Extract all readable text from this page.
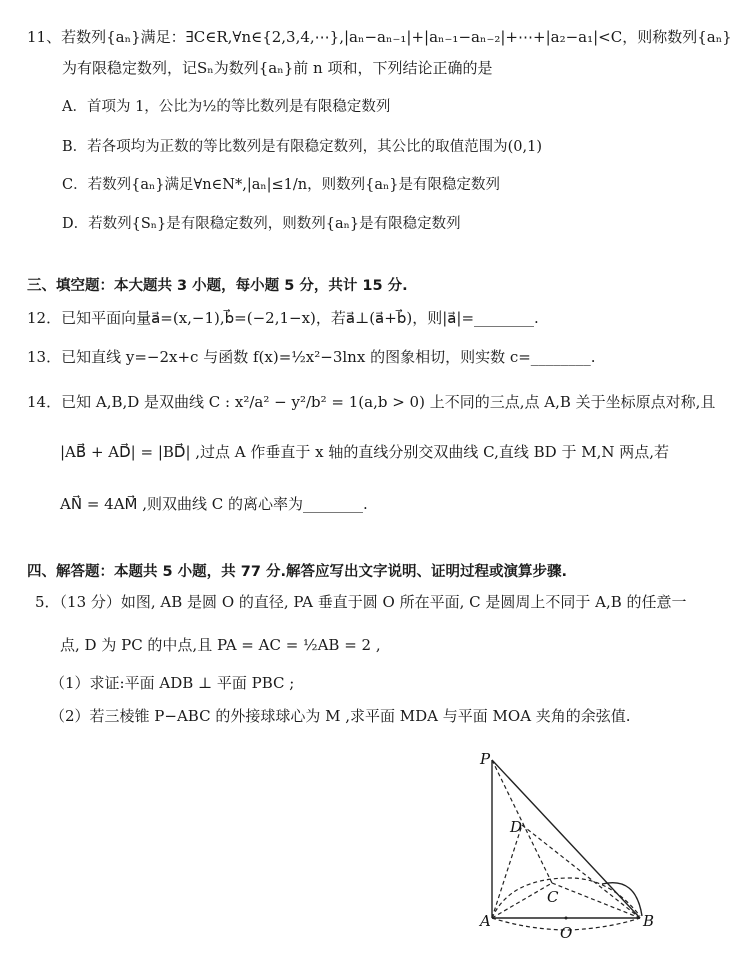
11、若数列{aₙ}满足：∃C∈R,∀n∈{2,3,4,⋯},|aₙ−aₙ₋₁|+|aₙ₋₁−aₙ₋₂|+⋯+|a₂−a₁|<C，则称数列{aₙ}
为有限稳定数列，记Sₙ为数列{aₙ}前 n 项和，下列结论正确的是
A．首项为 1，公比为½的等比数列是有限稳定数列
B．若各项均为正数的等比数列是有限稳定数列，其公比的取值范围为(0,1)
C．若数列{aₙ}满足∀n∈N*,|aₙ|≤1/n，则数列{aₙ}是有限稳定数列
D．若数列{Sₙ}是有限稳定数列，则数列{aₙ}是有限稳定数列
三、填空题：本大题共 3 小题，每小题 5 分，共计 15 分.
12．已知平面向量a⃗=(x,−1),b⃗=(−2,1−x)，若a⃗⊥(a⃗+b⃗)，则|a⃗|=________.
13．已知直线 y=−2x+c 与函数 f(x)=½x²−3lnx 的图象相切，则实数 c=________.
14．已知 A,B,D 是双曲线 C : x²/a² − y²/b² = 1(a,b > 0) 上不同的三点,点 A,B 关于坐标原点对称,且
|AB⃗ + AD⃗| = |BD⃗| ,过点 A 作垂直于 x 轴的直线分别交双曲线 C,直线 BD 于 M,N 两点,若
AN⃗ = 4AM⃗ ,则双曲线 C 的离心率为________.
四、解答题：本题共 5 小题，共 77 分.解答应写出文字说明、证明过程或演算步骤.
5．（13 分）如图, AB 是圆 O 的直径, PA 垂直于圆 O 所在平面, C 是圆周上不同于 A,B 的任意一
点, D 为 PC 的中点,且 PA = AC = ½AB = 2 ,
（1）求证:平面 ADB ⊥ 平面 PBC ;
（2）若三棱锥 P−ABC 的外接球球心为 M ,求平面 MDA 与平面 MOA 夹角的余弦值.
P
D
C
A	B
O
